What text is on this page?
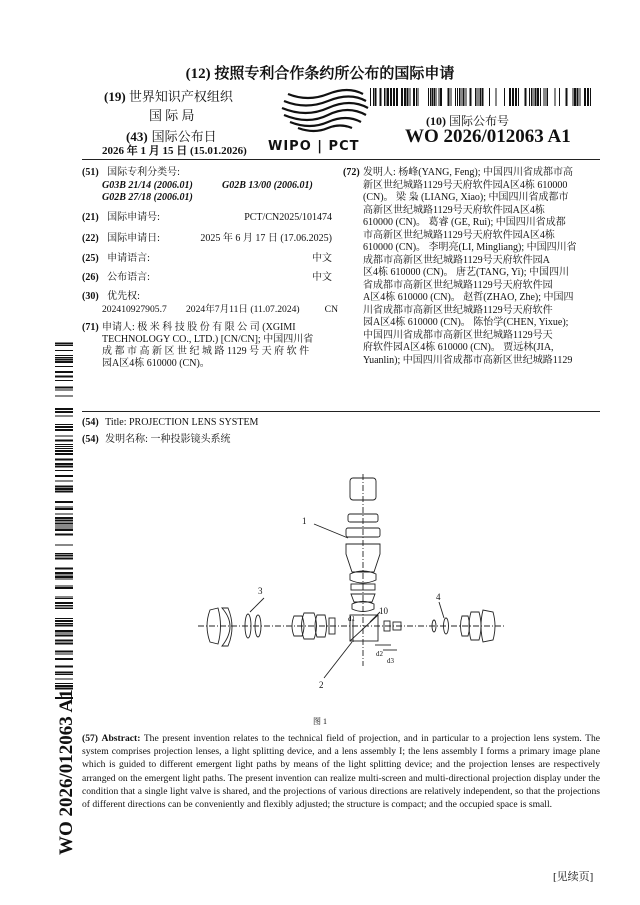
(12) 按照专利合作条约所公布的国际申请
(19) 世界知识产权组织
国 际 局
WIPO | PCT
(43) 国际公布日
2026 年 1 月 15 日 (15.01.2026)
(10) 国际公布号
WO 2026/012063 A1
(51) 国际专利分类号:
G03B 21/14 (2006.01)	G02B 13/00 (2006.01)
G02B 27/18 (2006.01)
(21) 国际申请号:	PCT/CN2025/101474
(22) 国际申请日:	2025 年 6 月 17 日 (17.06.2025)
(25) 申请语言:	中文
(26) 公布语言:	中文
(30) 优先权:
202410927905.7 2024年7月11日 (11.07.2024)	CN
(71) 申请人: 极 米 科 技 股 份 有 限 公 司 (XGIMI
TECHNOLOGY CO., LTD.) [CN/CN]; 中国四川省
成 都 市 高 新 区 世 纪 城 路 1129 号 天 府 软 件
园A区4栋 610000 (CN)。
(72) 发明人: 杨峰(YANG, Feng); 中国四川省成都市高
新区世纪城路1129号天府软件园A区4栋 610000
(CN)。 梁 枭 (LIANG, Xiao); 中国四川省成都市
高新区世纪城路1129号天府软件园A区4栋
610000 (CN)。 葛睿 (GE, Rui); 中国四川省成都
市高新区世纪城路1129号天府软件园A区4栋
610000 (CN)。 李明亮(LI, Mingliang); 中国四川省
成都市高新区世纪城路1129号天府软件园A
区4栋 610000 (CN)。 唐艺(TANG, Yi); 中国四川
省成都市高新区世纪城路1129号天府软件园
A区4栋 610000 (CN)。 赵哲(ZHAO, Zhe); 中国四
川省成都市高新区世纪城路1129号天府软件
园A区4栋 610000 (CN)。 陈怡学(CHEN, Yixue);
中国四川省成都市高新区世纪城路1129号天
府软件园A区4栋 610000 (CN)。 贾远林(JIA,
Yuanlin); 中国四川省成都市高新区世纪城路1129
(54) Title: PROJECTION LENS SYSTEM
(54) 发明名称: 一种投影镜头系统
1
3
4
10
d1
d2
d3
2
图 1
(57) Abstract: The present invention relates to the technical field of projection, and in particular to a projection lens system. The system comprises projection lenses, a light splitting device, and a lens assembly I; the lens assembly I forms a primary image plane which is guided to different emergent light paths by means of the light splitting device; and the projection lenses are respectively arranged on the emergent light paths. The present invention can realize multi-screen and multi-directional projection display under the condition that a single light valve is shared, and the projections of various directions are relatively independent, so that the projections of different directions can be conveniently and flexibly adjusted; the structure is compact; and the occupied space is small.
WO 2026/012063 A1
[见续页]
